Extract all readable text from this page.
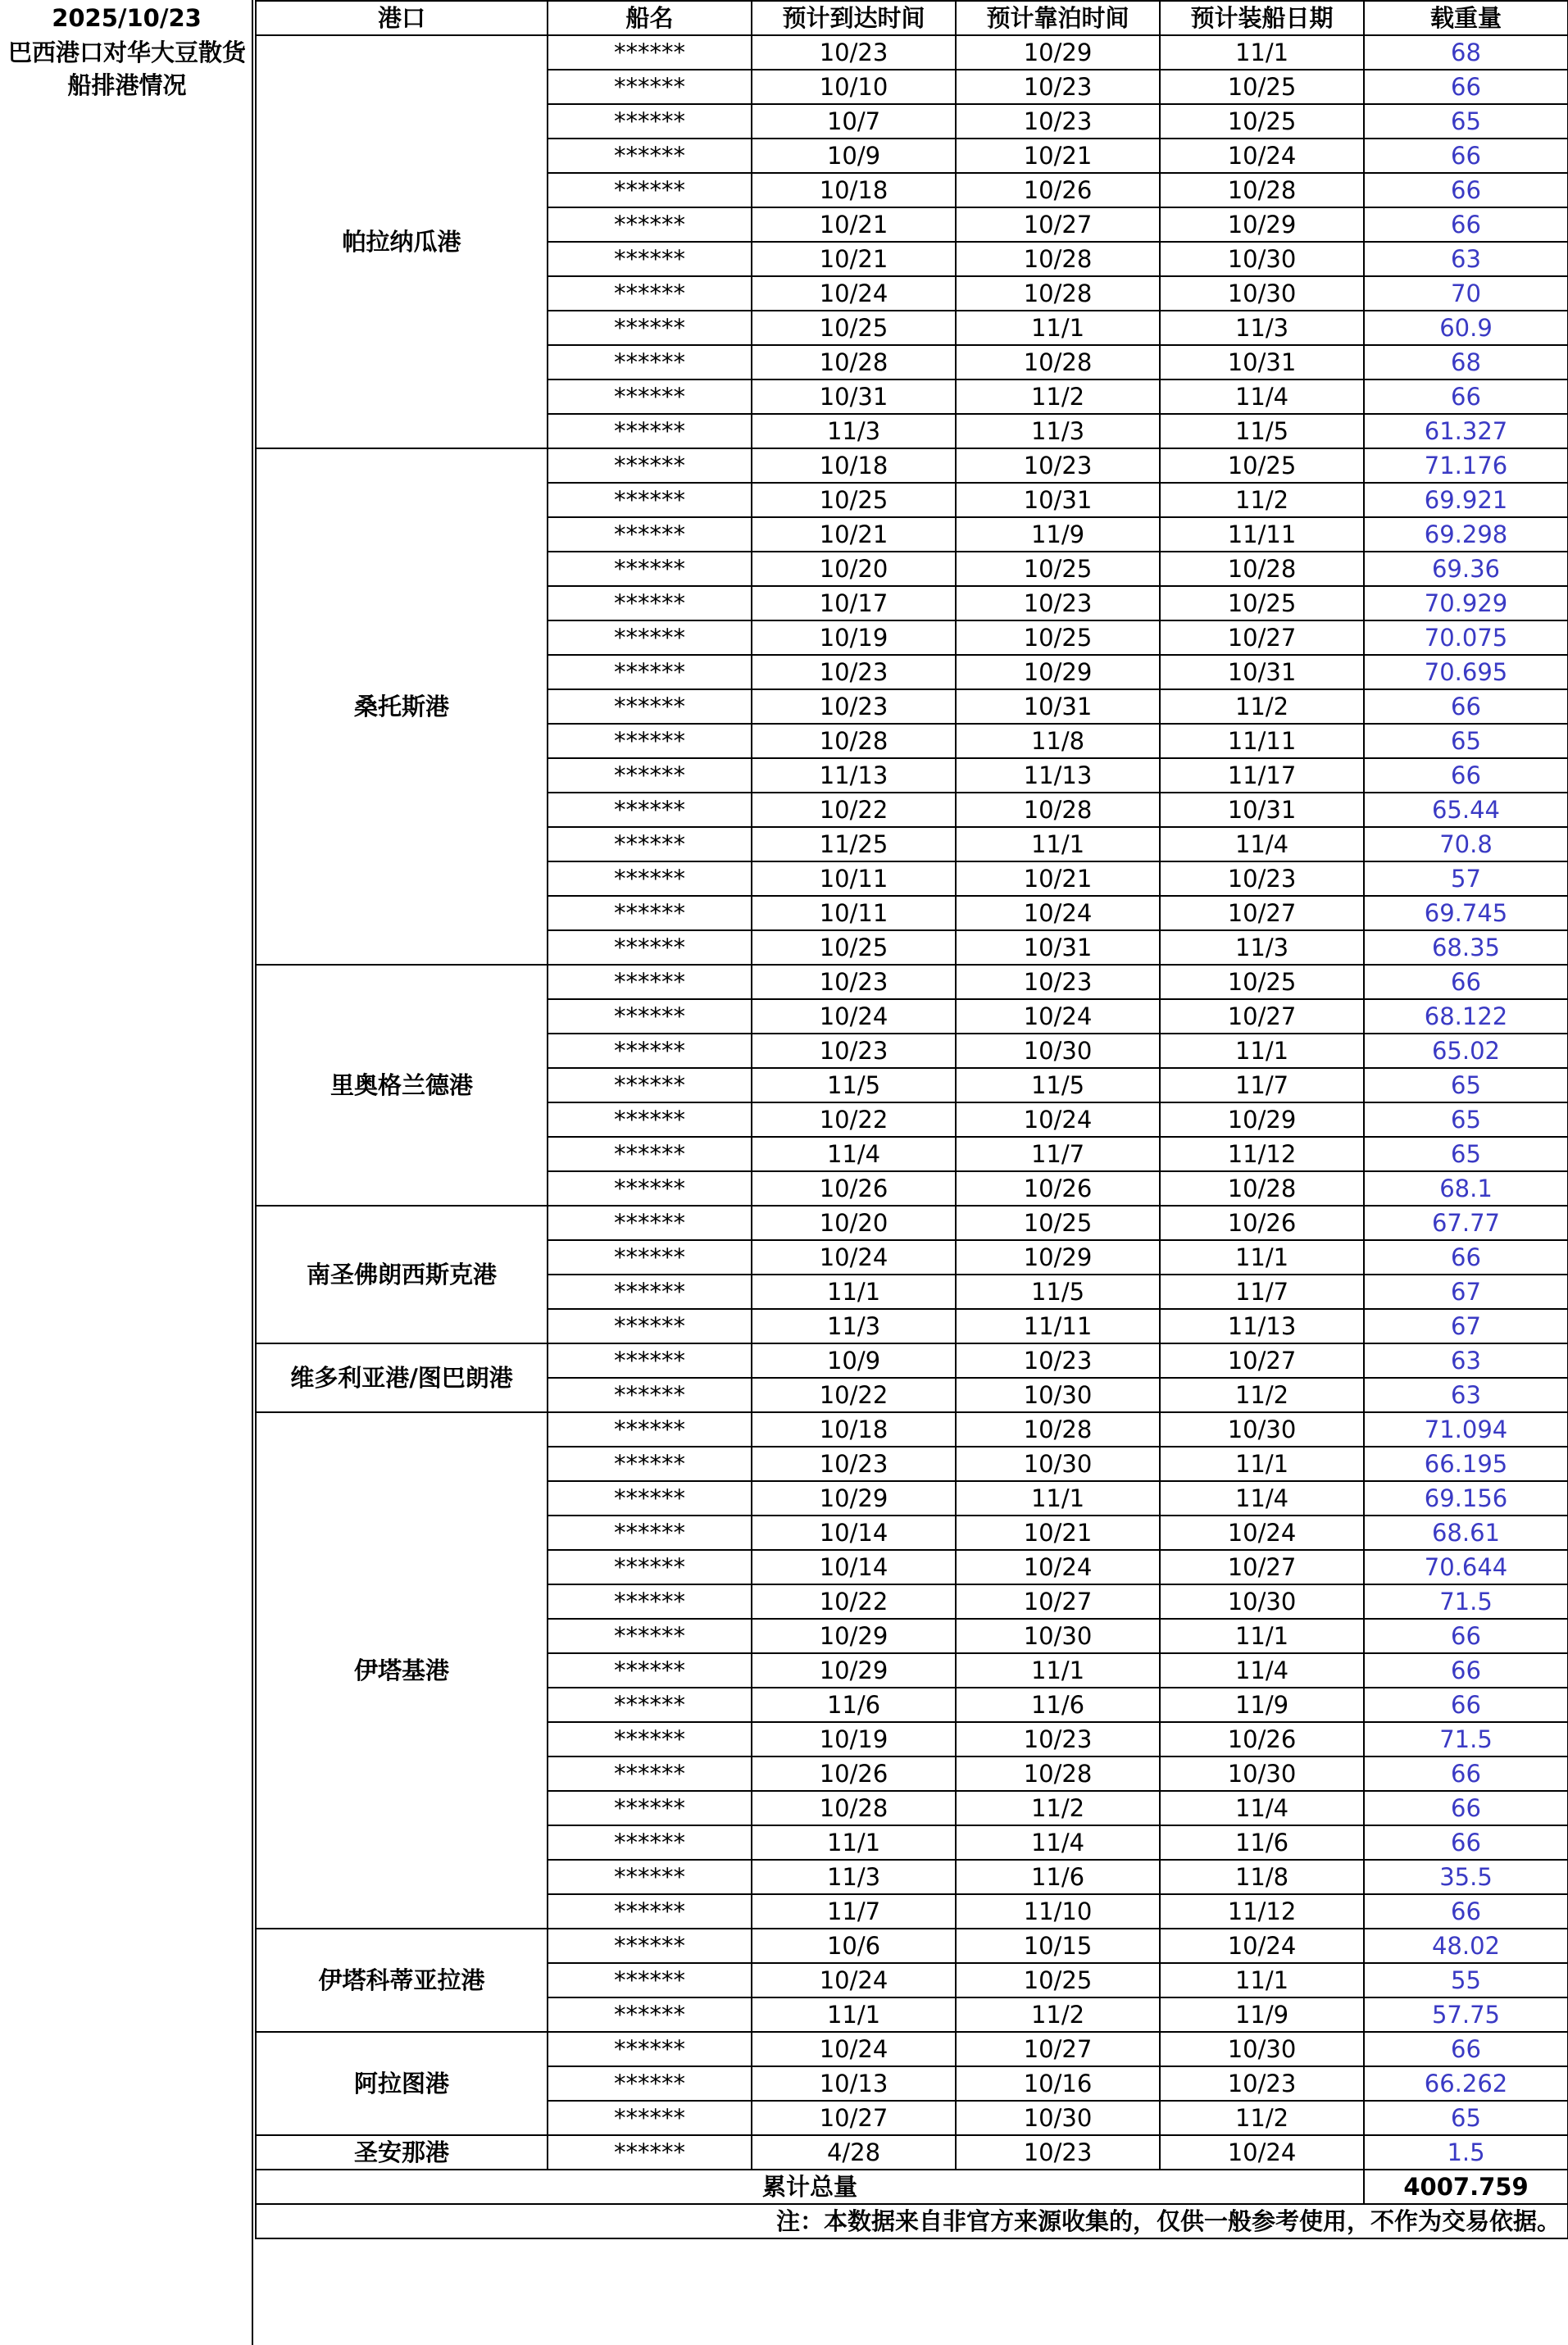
2025/10/23
巴西港口对华大豆散货船排港情况
港口	船名	预计到达时间	预计靠泊时间	预计装船日期	载重量
帕拉纳瓜港	******	10/23	10/29	11/1	68
	******	10/10	10/23	10/25	66
	******	10/7	10/23	10/25	65
	******	10/9	10/21	10/24	66
	******	10/18	10/26	10/28	66
	******	10/21	10/27	10/29	66
	******	10/21	10/28	10/30	63
	******	10/24	10/28	10/30	70
	******	10/25	11/1	11/3	60.9
	******	10/28	10/28	10/31	68
	******	10/31	11/2	11/4	66
	******	11/3	11/3	11/5	61.327
桑托斯港	******	10/18	10/23	10/25	71.176
	******	10/25	10/31	11/2	69.921
	******	10/21	11/9	11/11	69.298
	******	10/20	10/25	10/28	69.36
	******	10/17	10/23	10/25	70.929
	******	10/19	10/25	10/27	70.075
	******	10/23	10/29	10/31	70.695
	******	10/23	10/31	11/2	66
	******	10/28	11/8	11/11	65
	******	11/13	11/13	11/17	66
	******	10/22	10/28	10/31	65.44
	******	11/25	11/1	11/4	70.8
	******	10/11	10/21	10/23	57
	******	10/11	10/24	10/27	69.745
	******	10/25	10/31	11/3	68.35
里奥格兰德港	******	10/23	10/23	10/25	66
	******	10/24	10/24	10/27	68.122
	******	10/23	10/30	11/1	65.02
	******	11/5	11/5	11/7	65
	******	10/22	10/24	10/29	65
	******	11/4	11/7	11/12	65
	******	10/26	10/26	10/28	68.1
南圣佛朗西斯克港	******	10/20	10/25	10/26	67.77
	******	10/24	10/29	11/1	66
	******	11/1	11/5	11/7	67
	******	11/3	11/11	11/13	67
维多利亚港/图巴朗港	******	10/9	10/23	10/27	63
	******	10/22	10/30	11/2	63
伊塔基港	******	10/18	10/28	10/30	71.094
	******	10/23	10/30	11/1	66.195
	******	10/29	11/1	11/4	69.156
	******	10/14	10/21	10/24	68.61
	******	10/14	10/24	10/27	70.644
	******	10/22	10/27	10/30	71.5
	******	10/29	10/30	11/1	66
	******	10/29	11/1	11/4	66
	******	11/6	11/6	11/9	66
	******	10/19	10/23	10/26	71.5
	******	10/26	10/28	10/30	66
	******	10/28	11/2	11/4	66
	******	11/1	11/4	11/6	66
	******	11/3	11/6	11/8	35.5
	******	11/7	11/10	11/12	66
伊塔科蒂亚拉港	******	10/6	10/15	10/24	48.02
	******	10/24	10/25	11/1	55
	******	11/1	11/2	11/9	57.75
阿拉图港	******	10/24	10/27	10/30	66
	******	10/13	10/16	10/23	66.262
	******	10/27	10/30	11/2	65
圣安那港	******	4/28	10/23	10/24	1.5
累计总量					4007.759
注：本数据来自非官方来源收集的，仅供一般参考使用，不作为交易依据。					
